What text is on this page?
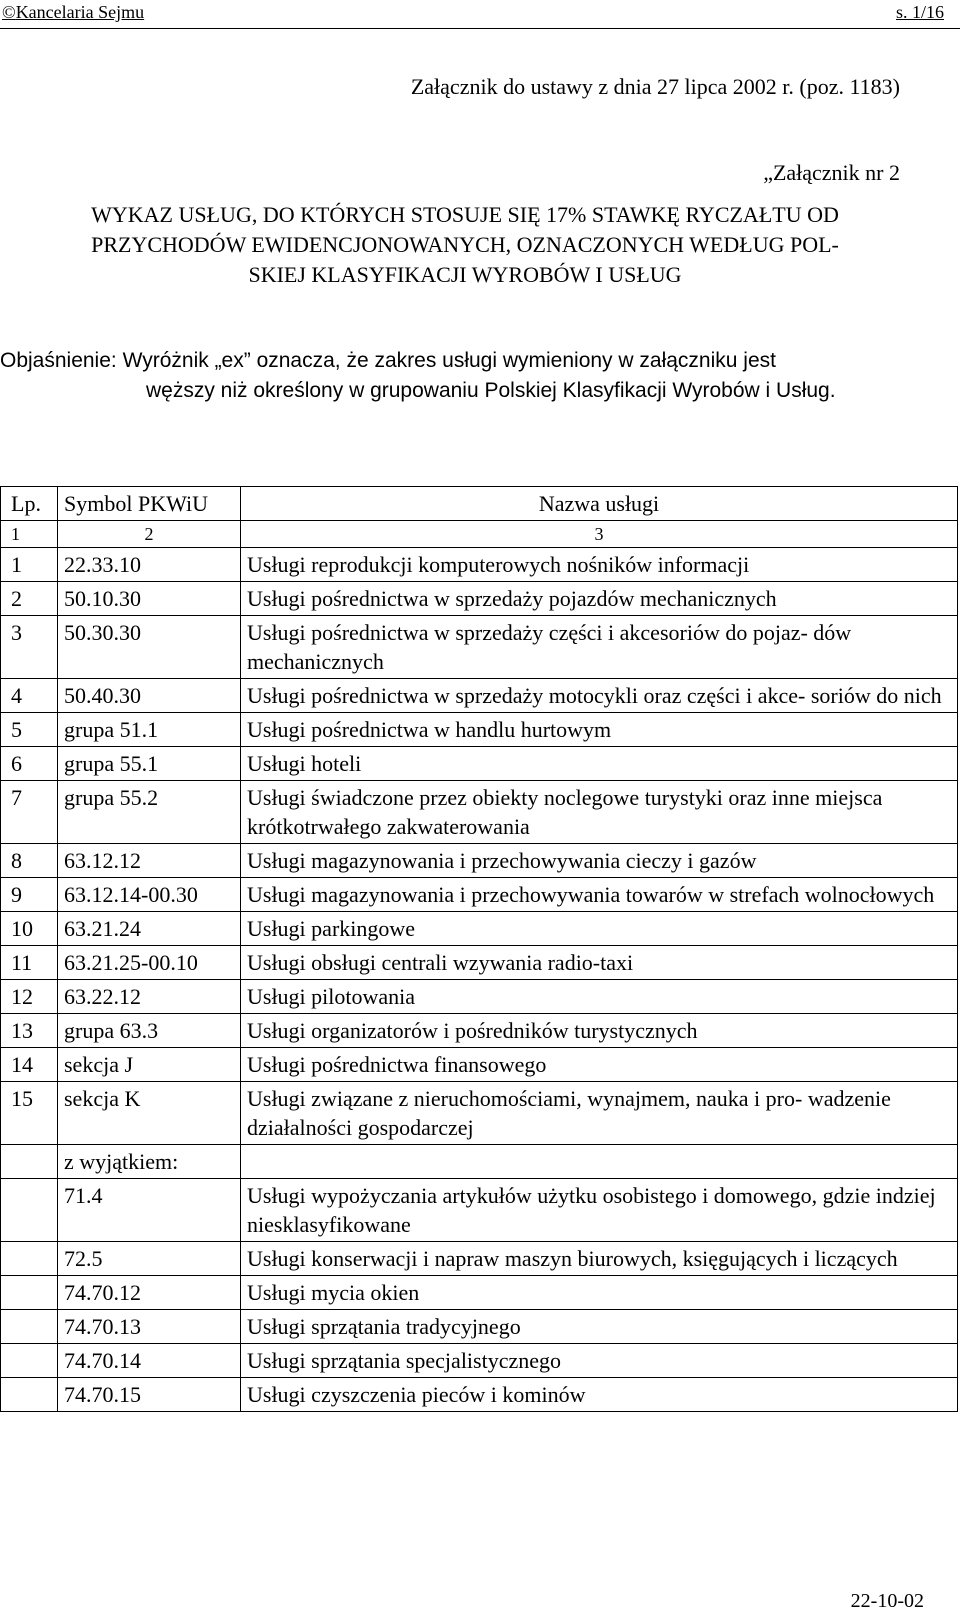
©Kancelaria Sejmu	s. 1/16
Załącznik do ustawy z dnia 27 lipca 2002 r. (poz. 1183)
„Załącznik nr 2
WYKAZ USŁUG, DO KTÓRYCH STOSUJE SIĘ 17% STAWKĘ RYCZAŁTU OD
PRZYCHODÓW EWIDENCJONOWANYCH, OZNACZONYCH WEDŁUG POL-
SKIEJ KLASYFIKACJI WYROBÓW I USŁUG
Objaśnienie: Wyróżnik „ex” oznacza, że zakres usługi wymieniony w załączniku jest
węższy niż określony w grupowaniu Polskiej Klasyfikacji Wyrobów i Usług.
Lp.	Symbol PKWiU	Nazwa usługi
1	2	3
1	22.33.10	Usługi reprodukcji komputerowych nośników informacji
2	50.10.30	Usługi pośrednictwa w sprzedaży pojazdów mechanicznych
3	50.30.30	Usługi pośrednictwa w sprzedaży części i akcesoriów do pojaz- dów mechanicznych
4	50.40.30	Usługi pośrednictwa w sprzedaży motocykli oraz części i akce- soriów do nich
5	grupa 51.1	Usługi pośrednictwa w handlu hurtowym
6	grupa 55.1	Usługi hoteli
7	grupa 55.2	Usługi świadczone przez obiekty noclegowe turystyki oraz inne miejsca krótkotrwałego zakwaterowania
8	63.12.12	Usługi magazynowania i przechowywania cieczy i gazów
9	63.12.14-00.30	Usługi magazynowania i przechowywania towarów w strefach wolnocłowych
10	63.21.24	Usługi parkingowe
11	63.21.25-00.10	Usługi obsługi centrali wzywania radio-taxi
12	63.22.12	Usługi pilotowania
13	grupa 63.3	Usługi organizatorów i pośredników turystycznych
14	sekcja J	Usługi pośrednictwa finansowego
15	sekcja K	Usługi związane z nieruchomościami, wynajmem, nauka i pro- wadzenie działalności gospodarczej
	z wyjątkiem:	
	71.4	Usługi wypożyczania artykułów użytku osobistego i domowego, gdzie indziej niesklasyfikowane
	72.5	Usługi konserwacji i napraw maszyn biurowych, księgujących i liczących
	74.70.12	Usługi mycia okien
	74.70.13	Usługi sprzątania tradycyjnego
	74.70.14	Usługi sprzątania specjalistycznego
	74.70.15	Usługi czyszczenia pieców i kominów
22-10-02
